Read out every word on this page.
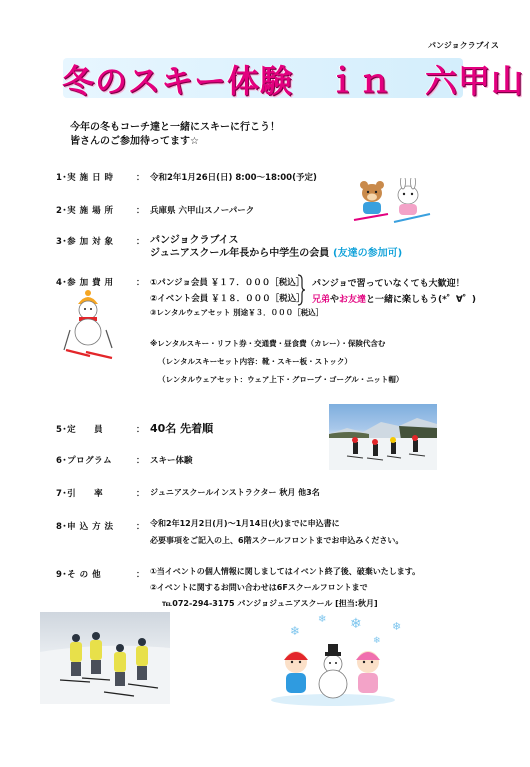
パンジョクラブイス
冬のスキー体験　ｉｎ　六甲山
今年の冬もコーチ達と一緒にスキーに行こう！
皆さんのご参加待ってます☆
1･実 施 日 時	： 令和2年1月26日(日) 8:00～18:00(予定)
2･実 施 場 所	： 兵庫県 六甲山スノーパーク
3･参 加 対 象	： パンジョクラブイス
ジュニアスクール年長から中学生の会員 (友達の参加可)
4･参 加 費 用	： ①パンジョ会員 ￥１７．０００［税込］
②イベント会員 ￥１８．０００［税込］
③レンタルウェアセット 別途￥３．０００［税込］
パンジョで習っていなくても大歓迎！
兄弟やお友達と一緒に楽しもう(*゜∀゜)
※レンタルスキー・リフト券・交通費・昼食費（カレー）・保険代含む
（レンタルスキーセット内容：靴・スキー板・ストック）
（レンタルウェアセット：ウェア上下・グローブ・ゴーグル・ニット帽）
5･定　　員	： 40名 先着順
6･プログラム	： スキー体験
7･引　　率	： ジュニアスクールインストラクター 秋月 他3名
8･申 込 方 法	： 令和2年12月2日(月)～1月14日(火)までに申込書に
必要事項をご記入の上、6階スクールフロントまでお申込みください。
9･そ の 他	： ①当イベントの個人情報に関しましてはイベント終了後、破棄いたします。
②イベントに関するお問い合わせは6Fスクールフロントまで
℡072-294-3175 パンジョジュニアスクール [担当:秋月]
❄
❄ ❄	❄
❄
